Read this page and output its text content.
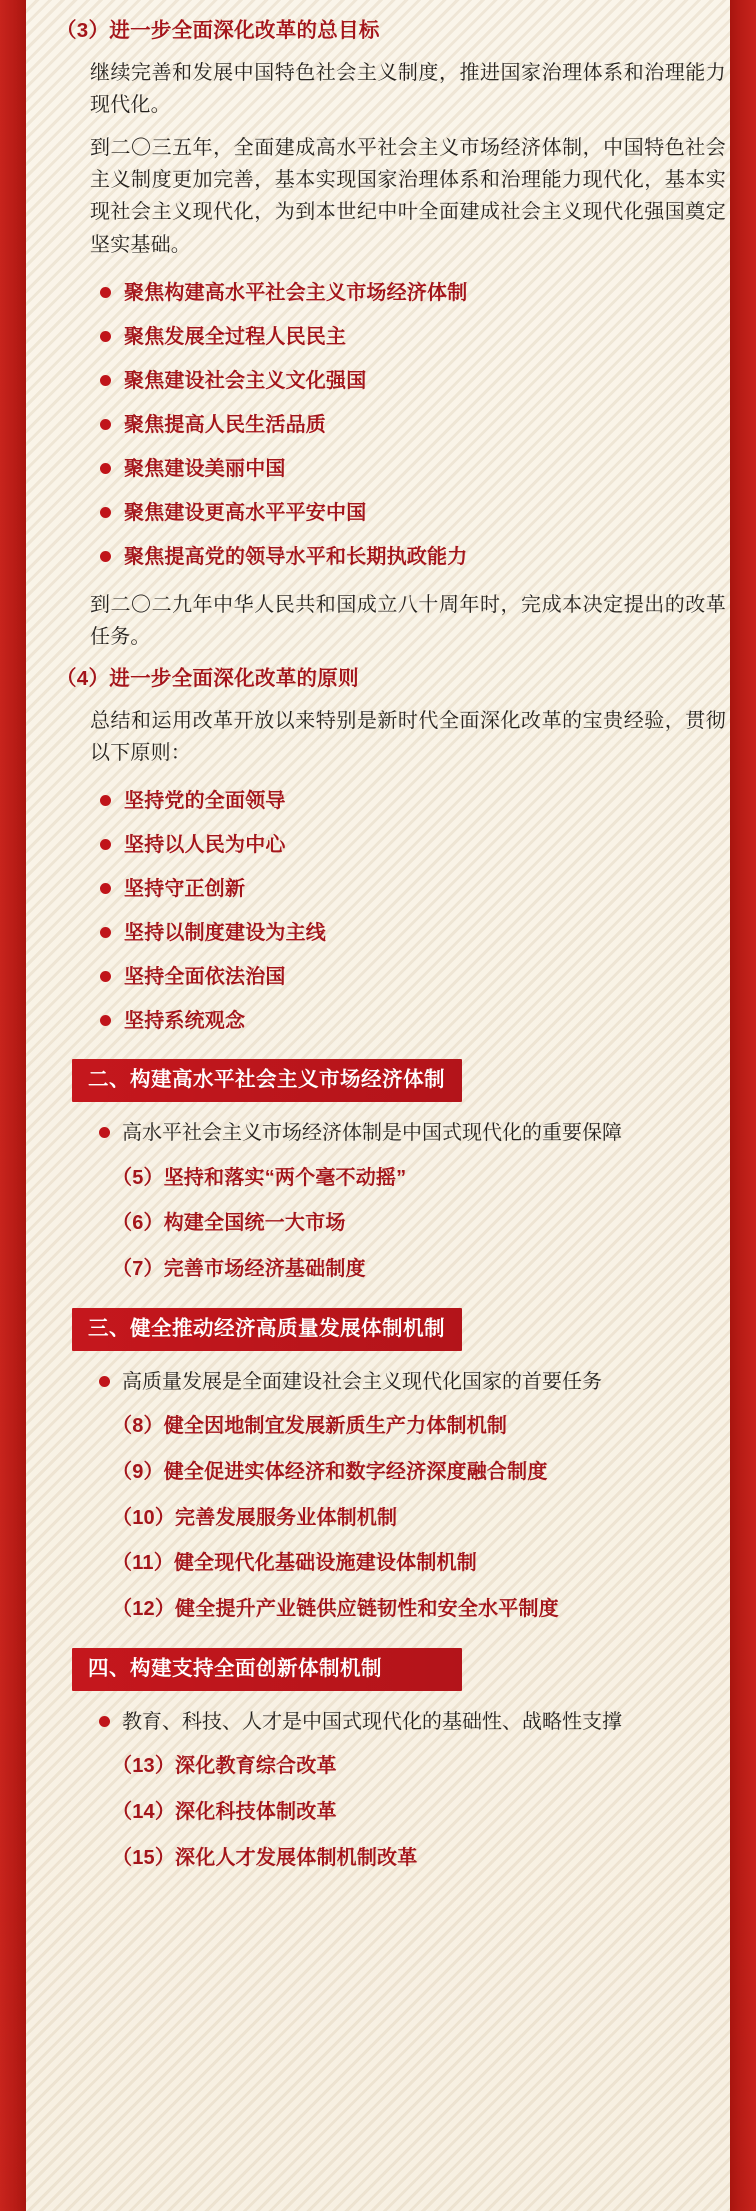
（3）进一步全面深化改革的总目标
继续完善和发展中国特色社会主义制度，推进国家治理体系和治理能力现代化。
到二〇三五年，全面建成高水平社会主义市场经济体制，中国特色社会主义制度更加完善，基本实现国家治理体系和治理能力现代化，基本实现社会主义现代化，为到本世纪中叶全面建成社会主义现代化强国奠定坚实基础。
聚焦构建高水平社会主义市场经济体制
聚焦发展全过程人民民主
聚焦建设社会主义文化强国
聚焦提高人民生活品质
聚焦建设美丽中国
聚焦建设更高水平平安中国
聚焦提高党的领导水平和长期执政能力
到二〇二九年中华人民共和国成立八十周年时，完成本决定提出的改革任务。
（4）进一步全面深化改革的原则
总结和运用改革开放以来特别是新时代全面深化改革的宝贵经验，贯彻以下原则：
坚持党的全面领导
坚持以人民为中心
坚持守正创新
坚持以制度建设为主线
坚持全面依法治国
坚持系统观念
二、构建高水平社会主义市场经济体制
高水平社会主义市场经济体制是中国式现代化的重要保障
（5）坚持和落实“两个毫不动摇”
（6）构建全国统一大市场
（7）完善市场经济基础制度
三、健全推动经济高质量发展体制机制
高质量发展是全面建设社会主义现代化国家的首要任务
（8）健全因地制宜发展新质生产力体制机制
（9）健全促进实体经济和数字经济深度融合制度
（10）完善发展服务业体制机制
（11）健全现代化基础设施建设体制机制
（12）健全提升产业链供应链韧性和安全水平制度
四、构建支持全面创新体制机制
教育、科技、人才是中国式现代化的基础性、战略性支撑
（13）深化教育综合改革
（14）深化科技体制改革
（15）深化人才发展体制机制改革
